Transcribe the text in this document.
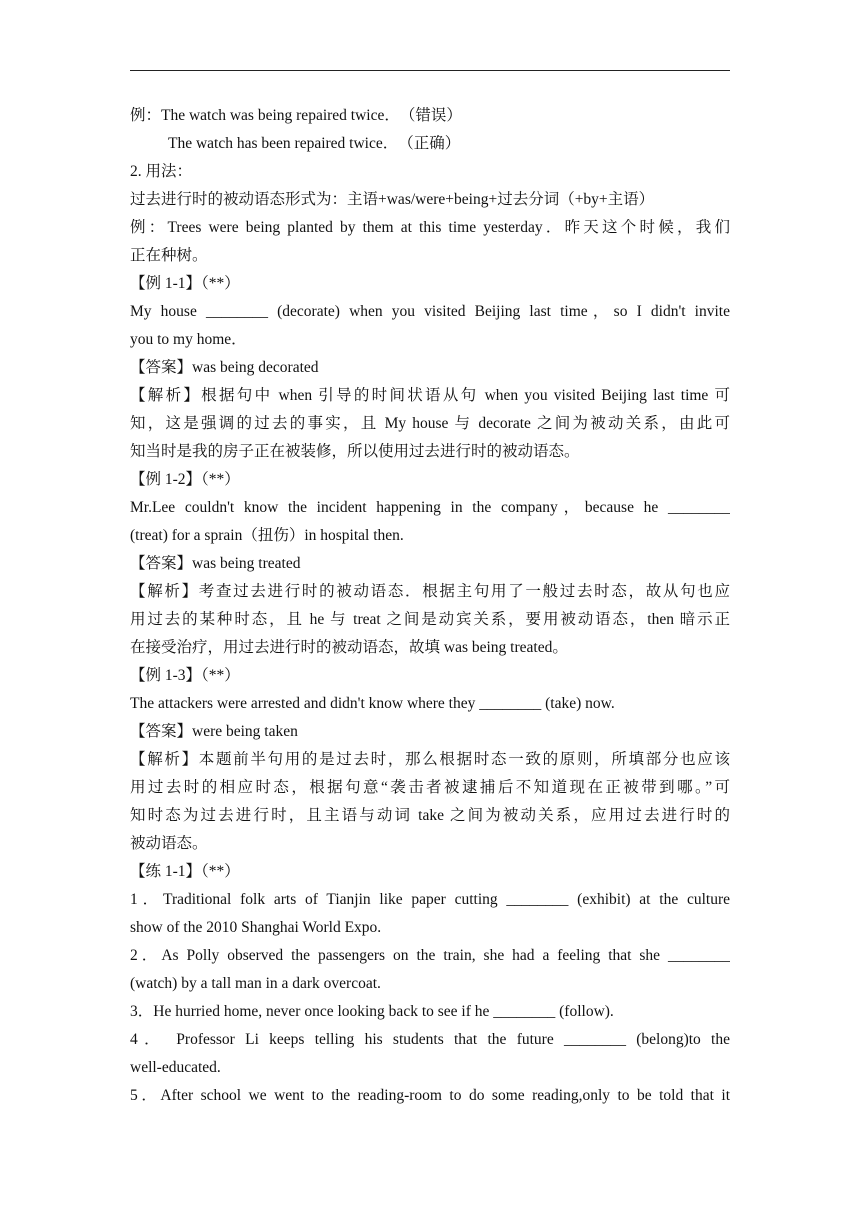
例：The watch was being repaired twice．　（错误）
The watch has been repaired twice．　（正确）
2. 用法：
过去进行时的被动语态形式为：主语+was/were+being+过去分词（+by+主语）
例：Trees were being planted by them at this time yesterday．昨天这个时候，我们
正在种树。
【例 1-1】（**）
My house ________ (decorate) when you visited Beijing last time，so I didn't invite
you to my home．
【答案】was being decorated
【解析】根据句中 when 引导的时间状语从句 when you visited Beijing last time 可
知，这是强调的过去的事实，且 My house 与 decorate 之间为被动关系，由此可
知当时是我的房子正在被装修，所以使用过去进行时的被动语态。
【例 1-2】（**）
Mr.Lee couldn't know the incident happening in the company，because he ________
(treat) for a sprain（扭伤）in hospital then.
【答案】was being treated
【解析】考查过去进行时的被动语态．根据主句用了一般过去时态，故从句也应
用过去的某种时态，且 he 与 treat 之间是动宾关系，要用被动语态，then 暗示正
在接受治疗，用过去进行时的被动语态，故填 was being treated。
【例 1-3】（**）
The attackers were arrested and didn't know where they ________ (take) now.
【答案】were being taken
【解析】本题前半句用的是过去时，那么根据时态一致的原则，所填部分也应该
用过去时的相应时态，根据句意“袭击者被逮捕后不知道现在正被带到哪。”可
知时态为过去进行时，且主语与动词 take 之间为被动关系，应用过去进行时的
被动语态。
【练 1-1】（**）
1．Traditional folk arts of Tianjin like paper cutting ________ (exhibit) at the culture
show of the 2010 Shanghai World Expo.
2．As Polly observed the passengers on the train, she had a feeling that she ________
(watch) by a tall man in a dark overcoat.
3．He hurried home, never once looking back to see if he ________ (follow).
4． Professor Li keeps telling his students that the future ________ (belong)to the
well-educated.
5．After school we went to the reading-room to do some reading,only to be told that it
